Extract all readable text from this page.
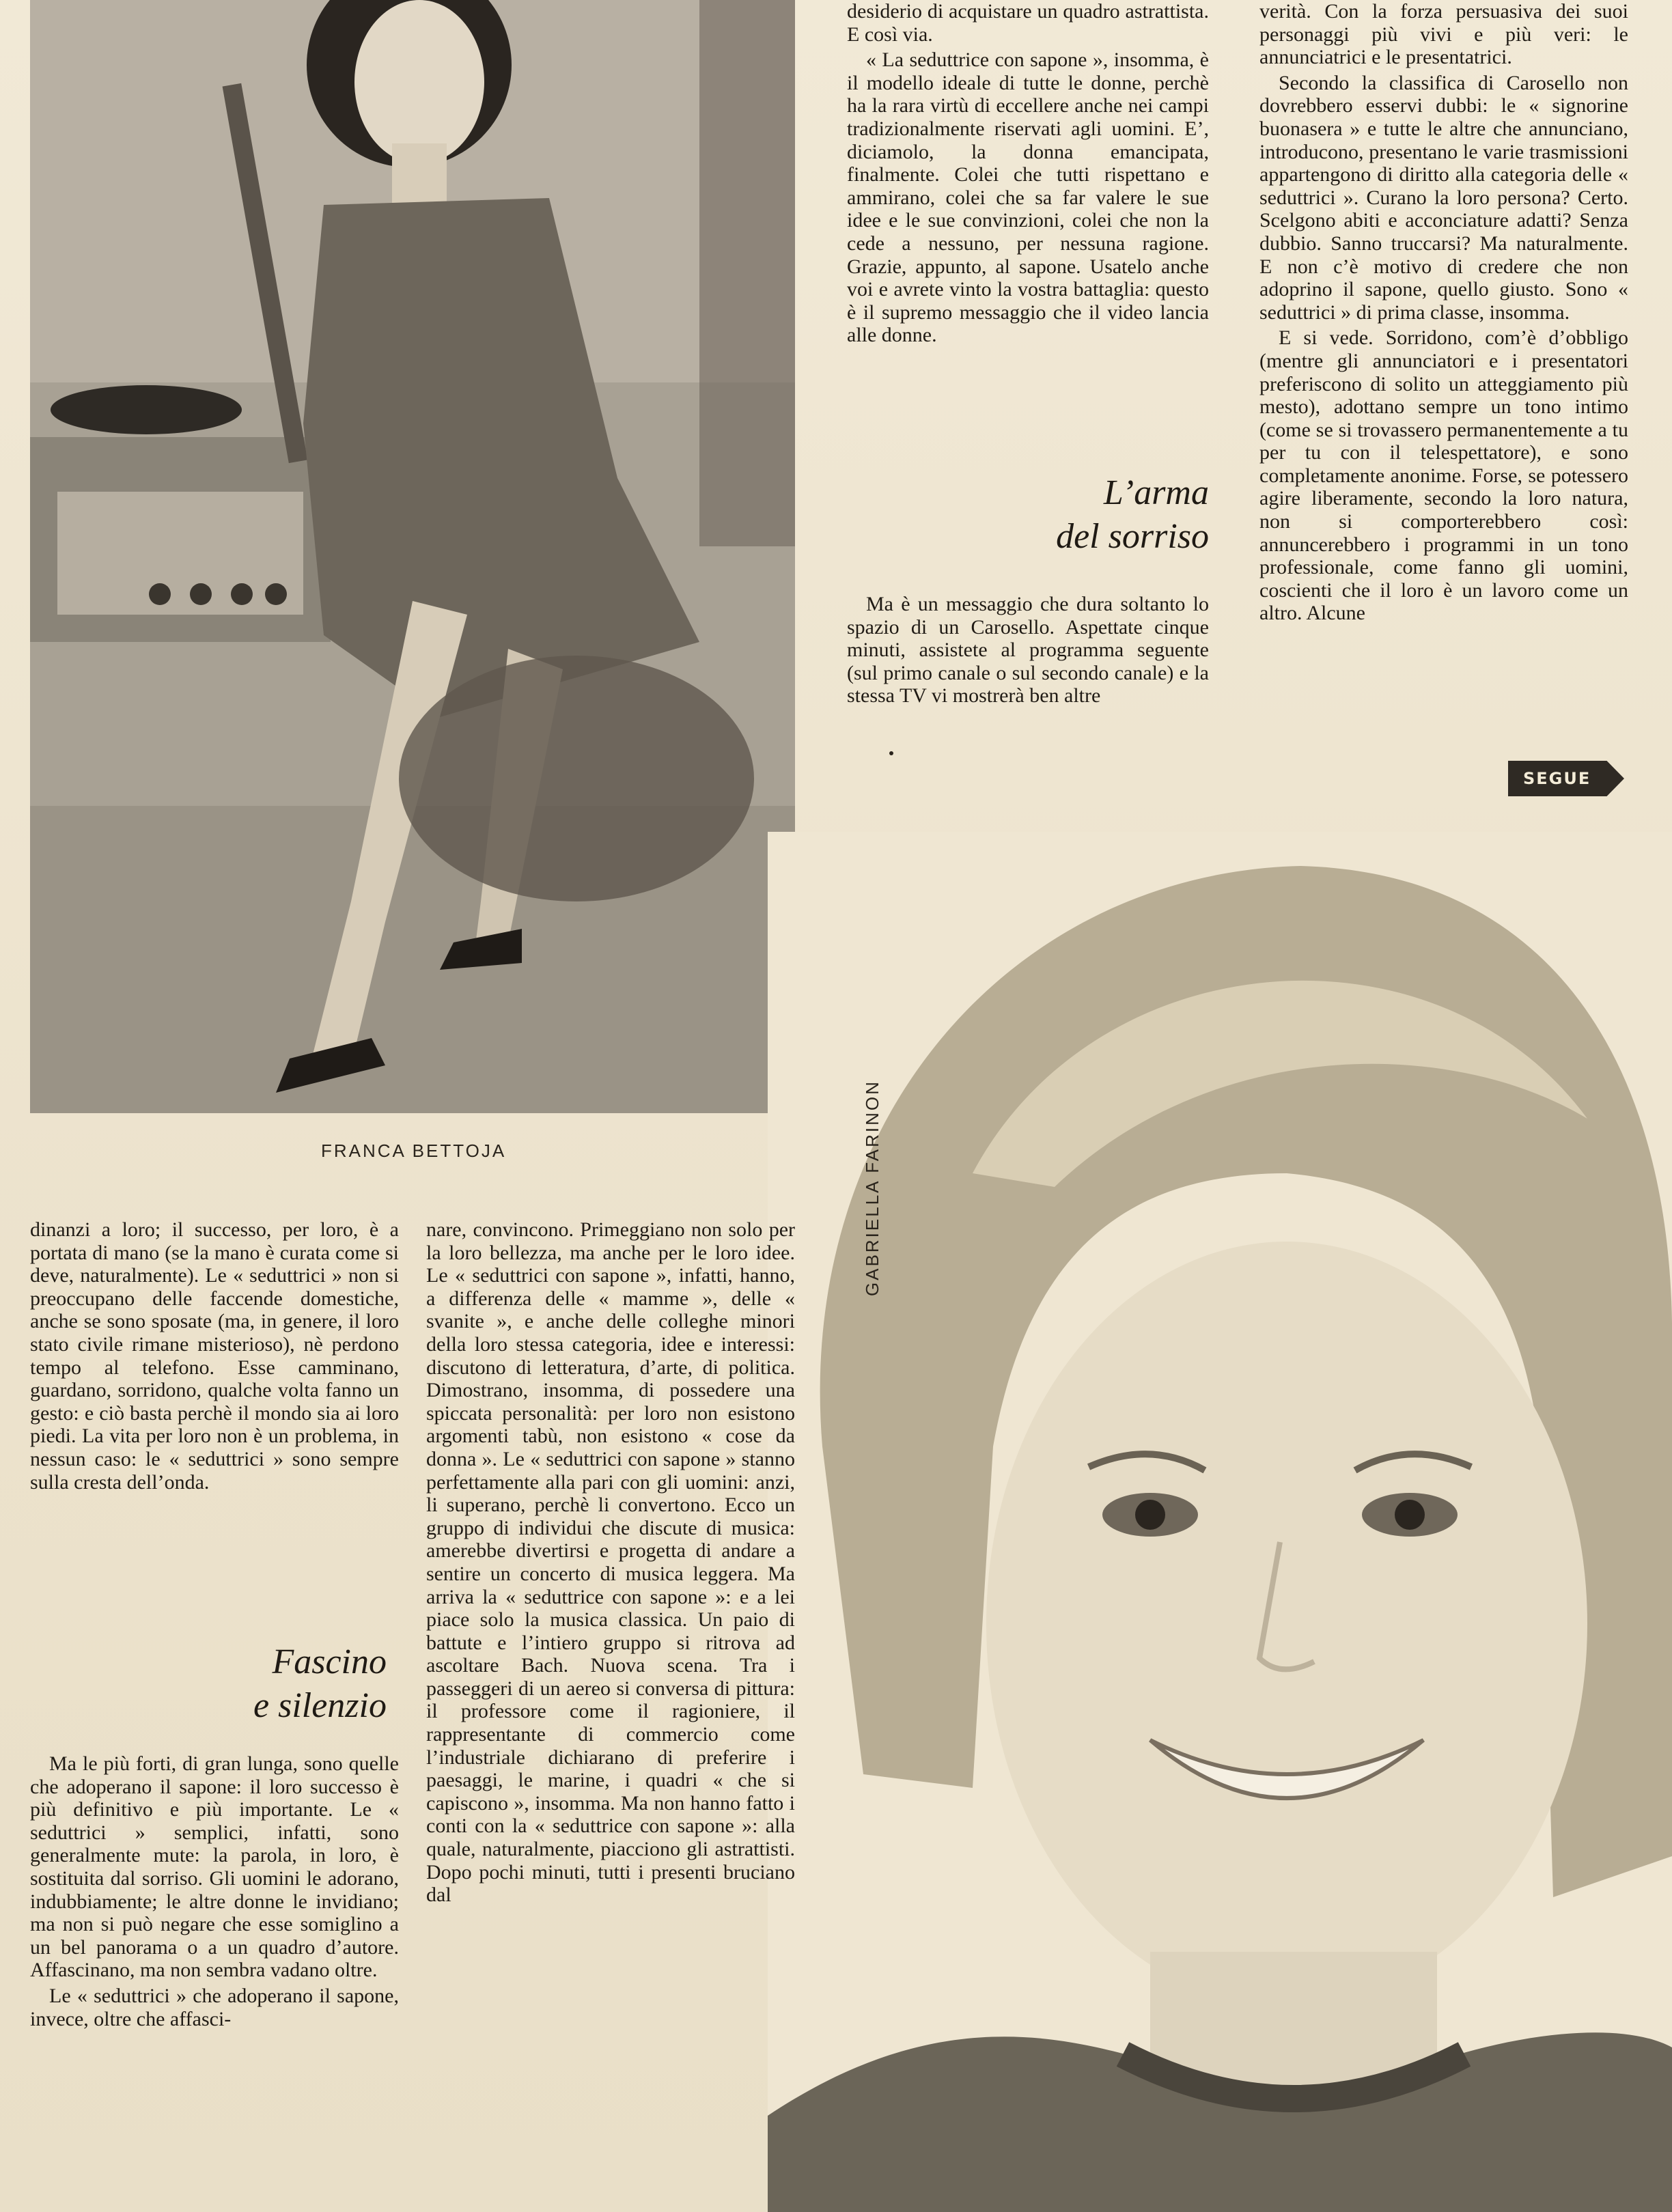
FRANCA BETTOJA	GABRIELLA FARINON

desiderio di acquistare un quadro astrattista. E così via.

« La seduttrice con sapone », insomma, è il modello ideale di tutte le donne, perchè ha la rara virtù di eccellere anche nei campi tradizionalmente riservati agli uomini. E’, diciamolo, la donna emancipata, finalmente. Colei che tutti rispettano e ammirano, colei che sa far valere le sue idee e le sue convinzioni, colei che non la cede a nessuno, per nessuna ragione. Grazie, appunto, al sapone. Usatelo anche voi e avrete vinto la vostra battaglia: questo è il supremo messaggio che il video lancia alle donne.

L’arma
del sorriso

Ma è un messaggio che dura soltanto lo spazio di un Carosello. Aspettate cinque minuti, assistete al programma seguente (sul primo canale o sul secondo canale) e la stessa TV vi mostrerà ben altre

verità. Con la forza persuasiva dei suoi personaggi più vivi e più veri: le annunciatrici e le presentatrici.

Secondo la classifica di Carosello non dovrebbero esservi dubbi: le « signorine buonasera » e tutte le altre che annunciano, introducono, presentano le varie trasmissioni appartengono di diritto alla categoria delle « seduttrici ». Curano la loro persona? Certo. Scelgono abiti e acconciature adatti? Senza dubbio. Sanno truccarsi? Ma naturalmente. E non c’è motivo di credere che non adoprino il sapone, quello giusto. Sono « seduttrici » di prima classe, insomma.

E si vede. Sorridono, com’è d’obbligo (mentre gli annunciatori e i presentatori preferiscono di solito un atteggiamento più mesto), adottano sempre un tono intimo (come se si trovassero permanentemente a tu per tu con il telespettatore), e sono completamente anonime. Forse, se potessero agire liberamente, secondo la loro natura, non si comporterebbero così: annuncerebbero i programmi in un tono professionale, come fanno gli uomini, coscienti che il loro è un lavoro come un altro. Alcune

SEGUE

dinanzi a loro; il successo, per loro, è a portata di mano (se la mano è curata come si deve, naturalmente). Le « seduttrici » non si preoccupano delle faccende domestiche, anche se sono sposate (ma, in genere, il loro stato civile rimane misterioso), nè perdono tempo al telefono. Esse camminano, guardano, sorridono, qualche volta fanno un gesto: e ciò basta perchè il mondo sia ai loro piedi. La vita per loro non è un problema, in nessun caso: le « seduttrici » sono sempre sulla cresta dell’onda.

Fascino
e silenzio

Ma le più forti, di gran lunga, sono quelle che adoperano il sapone: il loro successo è più definitivo e più importante. Le « seduttrici » semplici, infatti, sono generalmente mute: la parola, in loro, è sostituita dal sorriso. Gli uomini le adorano, indubbiamente; le altre donne le invidiano; ma non si può negare che esse somiglino a un bel panorama o a un quadro d’autore. Affascinano, ma non sembra vadano oltre.

Le « seduttrici » che adoperano il sapone, invece, oltre che affasci-

nare, convincono. Primeggiano non solo per la loro bellezza, ma anche per le loro idee. Le « seduttrici con sapone », infatti, hanno, a differenza delle « mamme », delle « svanite », e anche delle colleghe minori della loro stessa categoria, idee e interessi: discutono di letteratura, d’arte, di politica. Dimostrano, insomma, di possedere una spiccata personalità: per loro non esistono argomenti tabù, non esistono « cose da donna ». Le « seduttrici con sapone » stanno perfettamente alla pari con gli uomini: anzi, li superano, perchè li convertono. Ecco un gruppo di individui che discute di musica: amerebbe divertirsi e progetta di andare a sentire un concerto di musica leggera. Ma arriva la « seduttrice con sapone »: e a lei piace solo la musica classica. Un paio di battute e l’intiero gruppo si ritrova ad ascoltare Bach. Nuova scena. Tra i passeggeri di un aereo si conversa di pittura: il professore come il ragioniere, il rappresentante di commercio come l’industriale dichiarano di preferire i paesaggi, le marine, i quadri « che si capiscono », insomma. Ma non hanno fatto i conti con la « seduttrice con sapone »: alla quale, naturalmente, piacciono gli astrattisti. Dopo pochi minuti, tutti i presenti bruciano dal
